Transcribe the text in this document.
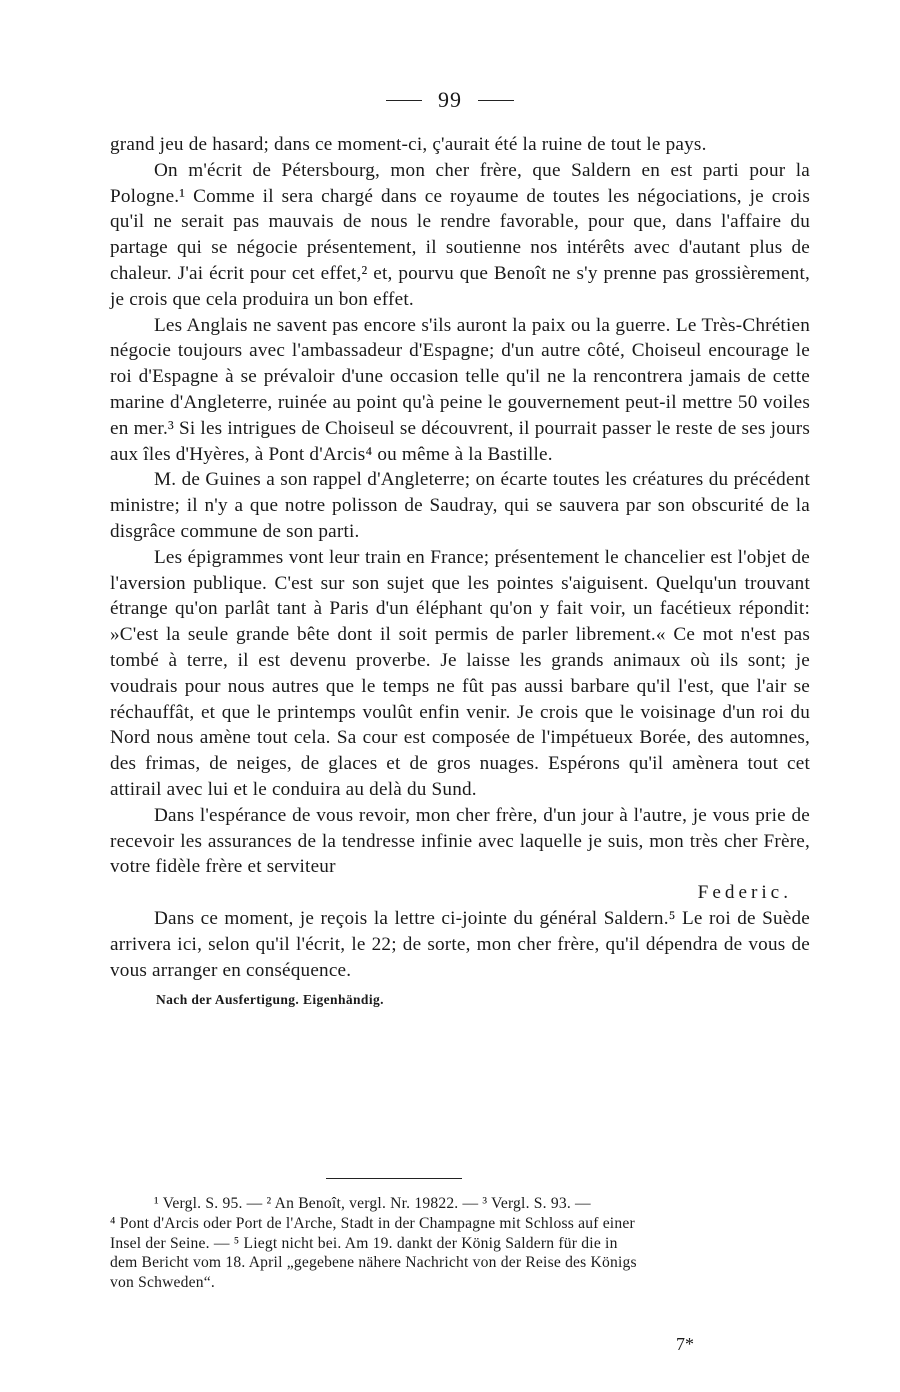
99

grand jeu de hasard; dans ce moment-ci, ç'aurait été la ruine de tout le pays.

On m'écrit de Pétersbourg, mon cher frère, que Saldern en est parti pour la Pologne.¹ Comme il sera chargé dans ce royaume de toutes les négociations, je crois qu'il ne serait pas mauvais de nous le rendre favorable, pour que, dans l'affaire du partage qui se négocie présentement, il soutienne nos intérêts avec d'autant plus de chaleur. J'ai écrit pour cet effet,² et, pourvu que Benoît ne s'y prenne pas grossièrement, je crois que cela produira un bon effet.

Les Anglais ne savent pas encore s'ils auront la paix ou la guerre. Le Très-Chrétien négocie toujours avec l'ambassadeur d'Espagne; d'un autre côté, Choiseul encourage le roi d'Espagne à se prévaloir d'une occasion telle qu'il ne la rencontrera jamais de cette marine d'Angleterre, ruinée au point qu'à peine le gouvernement peut-il mettre 50 voiles en mer.³ Si les intrigues de Choiseul se découvrent, il pourrait passer le reste de ses jours aux îles d'Hyères, à Pont d'Arcis⁴ ou même à la Bastille.

M. de Guines a son rappel d'Angleterre; on écarte toutes les créatures du précédent ministre; il n'y a que notre polisson de Saudray, qui se sauvera par son obscurité de la disgrâce commune de son parti.

Les épigrammes vont leur train en France; présentement le chancelier est l'objet de l'aversion publique. C'est sur son sujet que les pointes s'aiguisent. Quelqu'un trouvant étrange qu'on parlât tant à Paris d'un éléphant qu'on y fait voir, un facétieux répondit: »C'est la seule grande bête dont il soit permis de parler librement.« Ce mot n'est pas tombé à terre, il est devenu proverbe. Je laisse les grands animaux où ils sont; je voudrais pour nous autres que le temps ne fût pas aussi barbare qu'il l'est, que l'air se réchauffât, et que le printemps voulût enfin venir. Je crois que le voisinage d'un roi du Nord nous amène tout cela. Sa cour est composée de l'impétueux Borée, des automnes, des frimas, de neiges, de glaces et de gros nuages. Espérons qu'il amènera tout cet attirail avec lui et le conduira au delà du Sund.

Dans l'espérance de vous revoir, mon cher frère, d'un jour à l'autre, je vous prie de recevoir les assurances de la tendresse infinie avec laquelle je suis, mon très cher Frère, votre fidèle frère et serviteur

Federic.

Dans ce moment, je reçois la lettre ci-jointe du général Saldern.⁵ Le roi de Suède arrivera ici, selon qu'il l'écrit, le 22; de sorte, mon cher frère, qu'il dépendra de vous de vous arranger en conséquence.

Nach der Ausfertigung. Eigenhändig.

¹ Vergl. S. 95. — ² An Benoît, vergl. Nr. 19822. — ³ Vergl. S. 93. —

⁴ Pont d'Arcis oder Port de l'Arche, Stadt in der Champagne mit Schloss auf einer

Insel der Seine. — ⁵ Liegt nicht bei. Am 19. dankt der König Saldern für die in

dem Bericht vom 18. April „gegebene nähere Nachricht von der Reise des Königs

von Schweden“.

7*
